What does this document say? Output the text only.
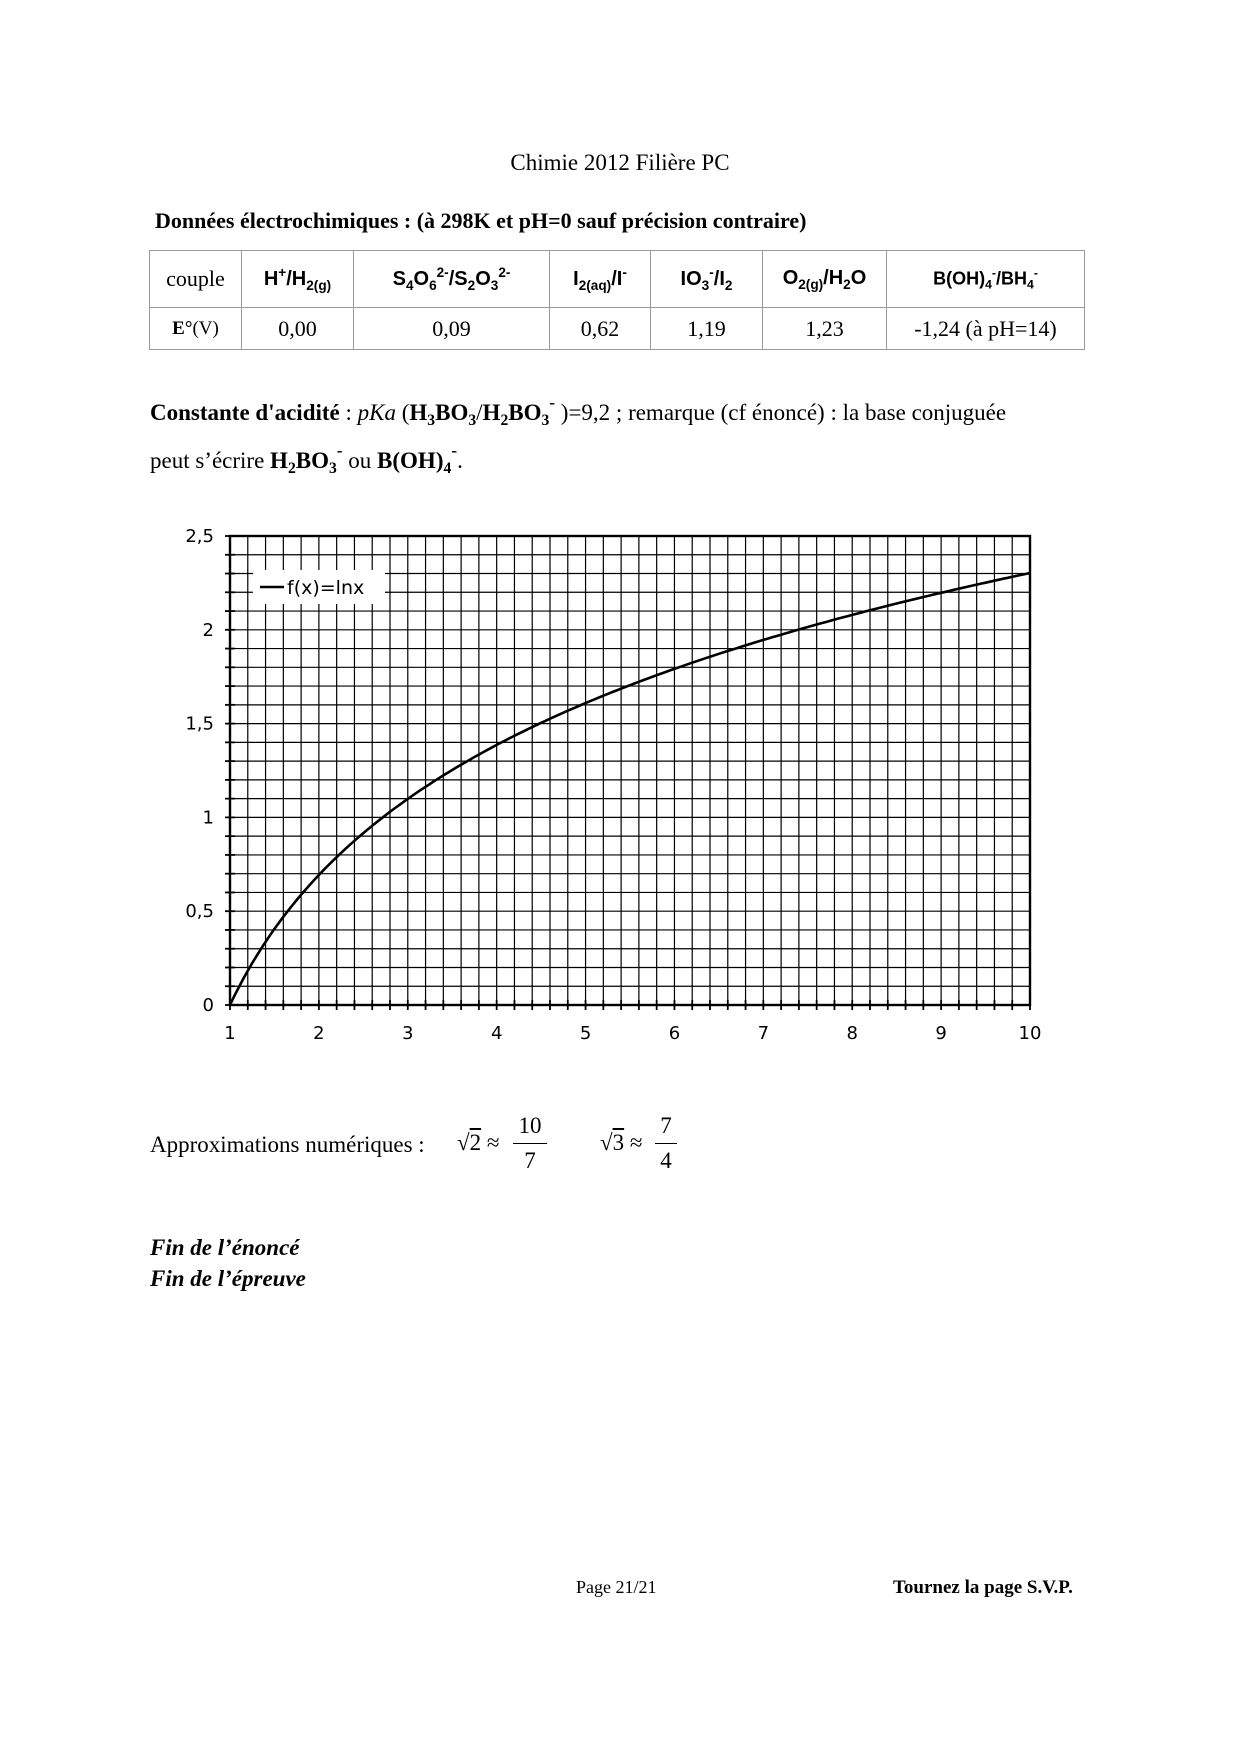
Chimie 2012 Filière PC
Données électrochimiques : (à 298K et pH=0 sauf précision contraire)
couple	$H^+/H_{2(g)}$	$S_4O_6^{2-}/S_2O_3^{2-}$	$I_{2(aq)}/I^-$	$IO_3^-/I_2$	$O_{2(g)}/H_2O$	$B(OH)_4^-/BH_4^-$
E°(V)	0,00	0,09	0,62	1,19	1,23	-1,24 (à pH=14)
Constante d'acidité : pKa ($H_3BO_3/H_2BO_3^-$ )=9,2 ; remarque (cf énoncé) : la base conjuguée
peut s’écrire $H_2BO_3^-$ ou $B(OH)_4^-$.
1	2	3	4	5	6	7	8	9	10
0
0,5
1
1,5
2
2,5
f(x)=lnx
Approximations numériques : √2 ≈
10
7
√3 ≈
7
4
Fin de l’énoncé
Fin de l’épreuve
Page 21/21	Tournez la page S.V.P.
